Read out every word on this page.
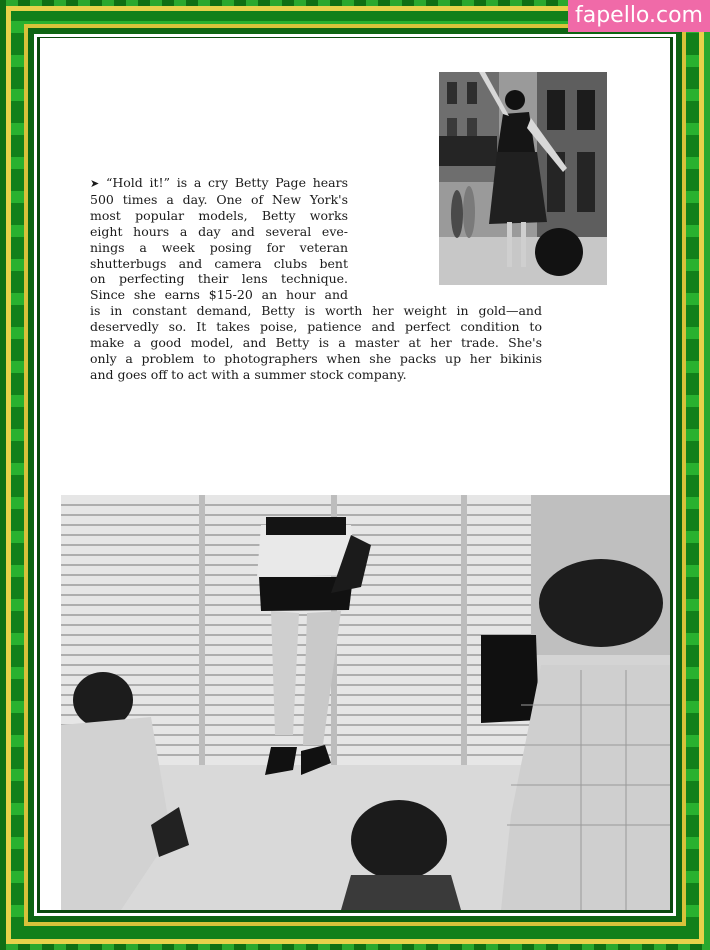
➤ “Hold it!” is a cry Betty Page hears
500 times a day. One of New York's
most popular models, Betty works
eight hours a day and several eve-
nings a week posing for veteran
shutterbugs and camera clubs bent
on perfecting their lens technique.
Since she earns $15-20 an hour and
is in constant demand, Betty is worth her weight in gold—and
deservedly so. It takes poise, patience and perfect condition to
make a good model, and Betty is a master at her trade. She's
only a problem to photographers when she packs up her bikinis
and goes off to act with a summer stock company.
fapello.com
